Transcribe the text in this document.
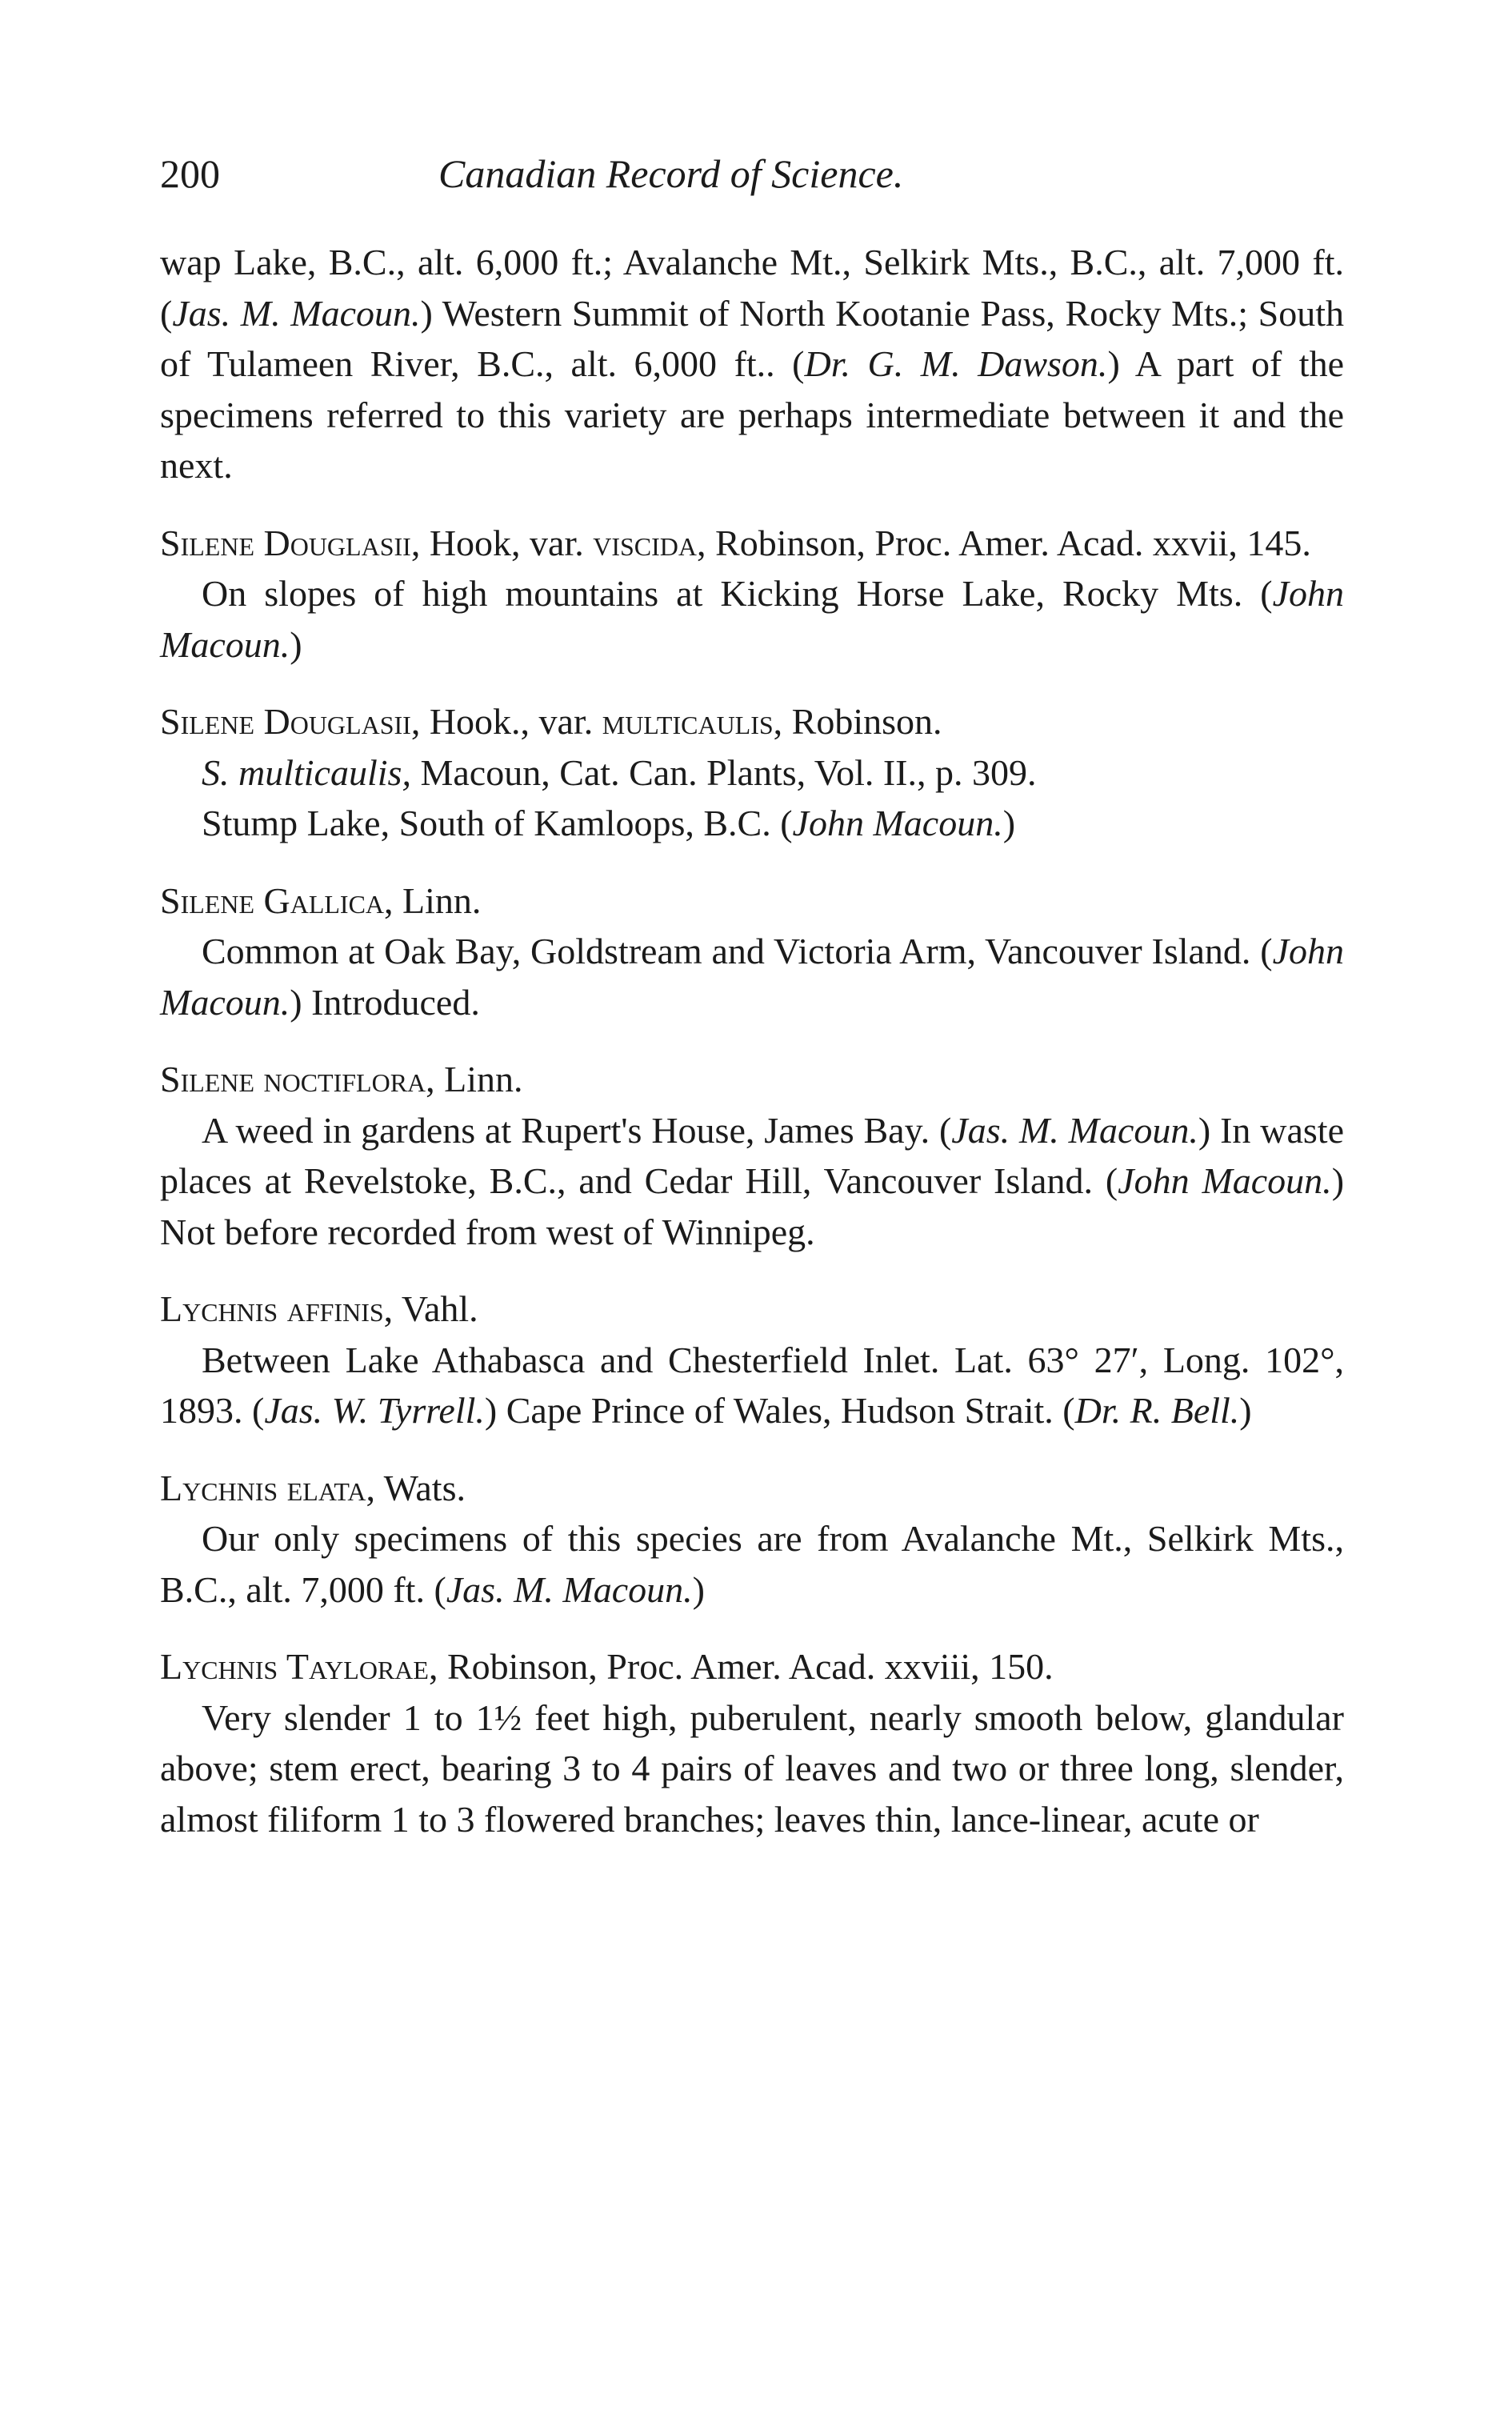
200	Canadian Record of Science.

wap Lake, B.C., alt. 6,000 ft.; Avalanche Mt., Selkirk Mts., B.C., alt. 7,000 ft. (Jas. M. Macoun.) Western Summit of North Kootanie Pass, Rocky Mts.; South of Tulameen River, B.C., alt. 6,000 ft.. (Dr. G. M. Dawson.) A part of the specimens referred to this variety are perhaps intermediate between it and the next.

Silene Douglasii, Hook, var. viscida, Robinson, Proc. Amer. Acad. xxvii, 145.

On slopes of high mountains at Kicking Horse Lake, Rocky Mts. (John Macoun.)

Silene Douglasii, Hook., var. multicaulis, Robinson.

S. multicaulis, Macoun, Cat. Can. Plants, Vol. II., p. 309.

Stump Lake, South of Kamloops, B.C. (John Macoun.)

Silene Gallica, Linn.

Common at Oak Bay, Goldstream and Victoria Arm, Vancouver Island. (John Macoun.) Introduced.

Silene noctiflora, Linn.

A weed in gardens at Rupert's House, James Bay. (Jas. M. Macoun.) In waste places at Revelstoke, B.C., and Cedar Hill, Vancouver Island. (John Macoun.) Not before recorded from west of Winnipeg.

Lychnis affinis, Vahl.

Between Lake Athabasca and Chesterfield Inlet. Lat. 63° 27′, Long. 102°, 1893. (Jas. W. Tyrrell.) Cape Prince of Wales, Hudson Strait. (Dr. R. Bell.)

Lychnis elata, Wats.

Our only specimens of this species are from Avalanche Mt., Selkirk Mts., B.C., alt. 7,000 ft. (Jas. M. Macoun.)

Lychnis Taylorae, Robinson, Proc. Amer. Acad. xxviii, 150.

Very slender 1 to 1½ feet high, puberulent, nearly smooth below, glandular above; stem erect, bearing 3 to 4 pairs of leaves and two or three long, slender, almost filiform 1 to 3 flowered branches; leaves thin, lance-linear, acute or
